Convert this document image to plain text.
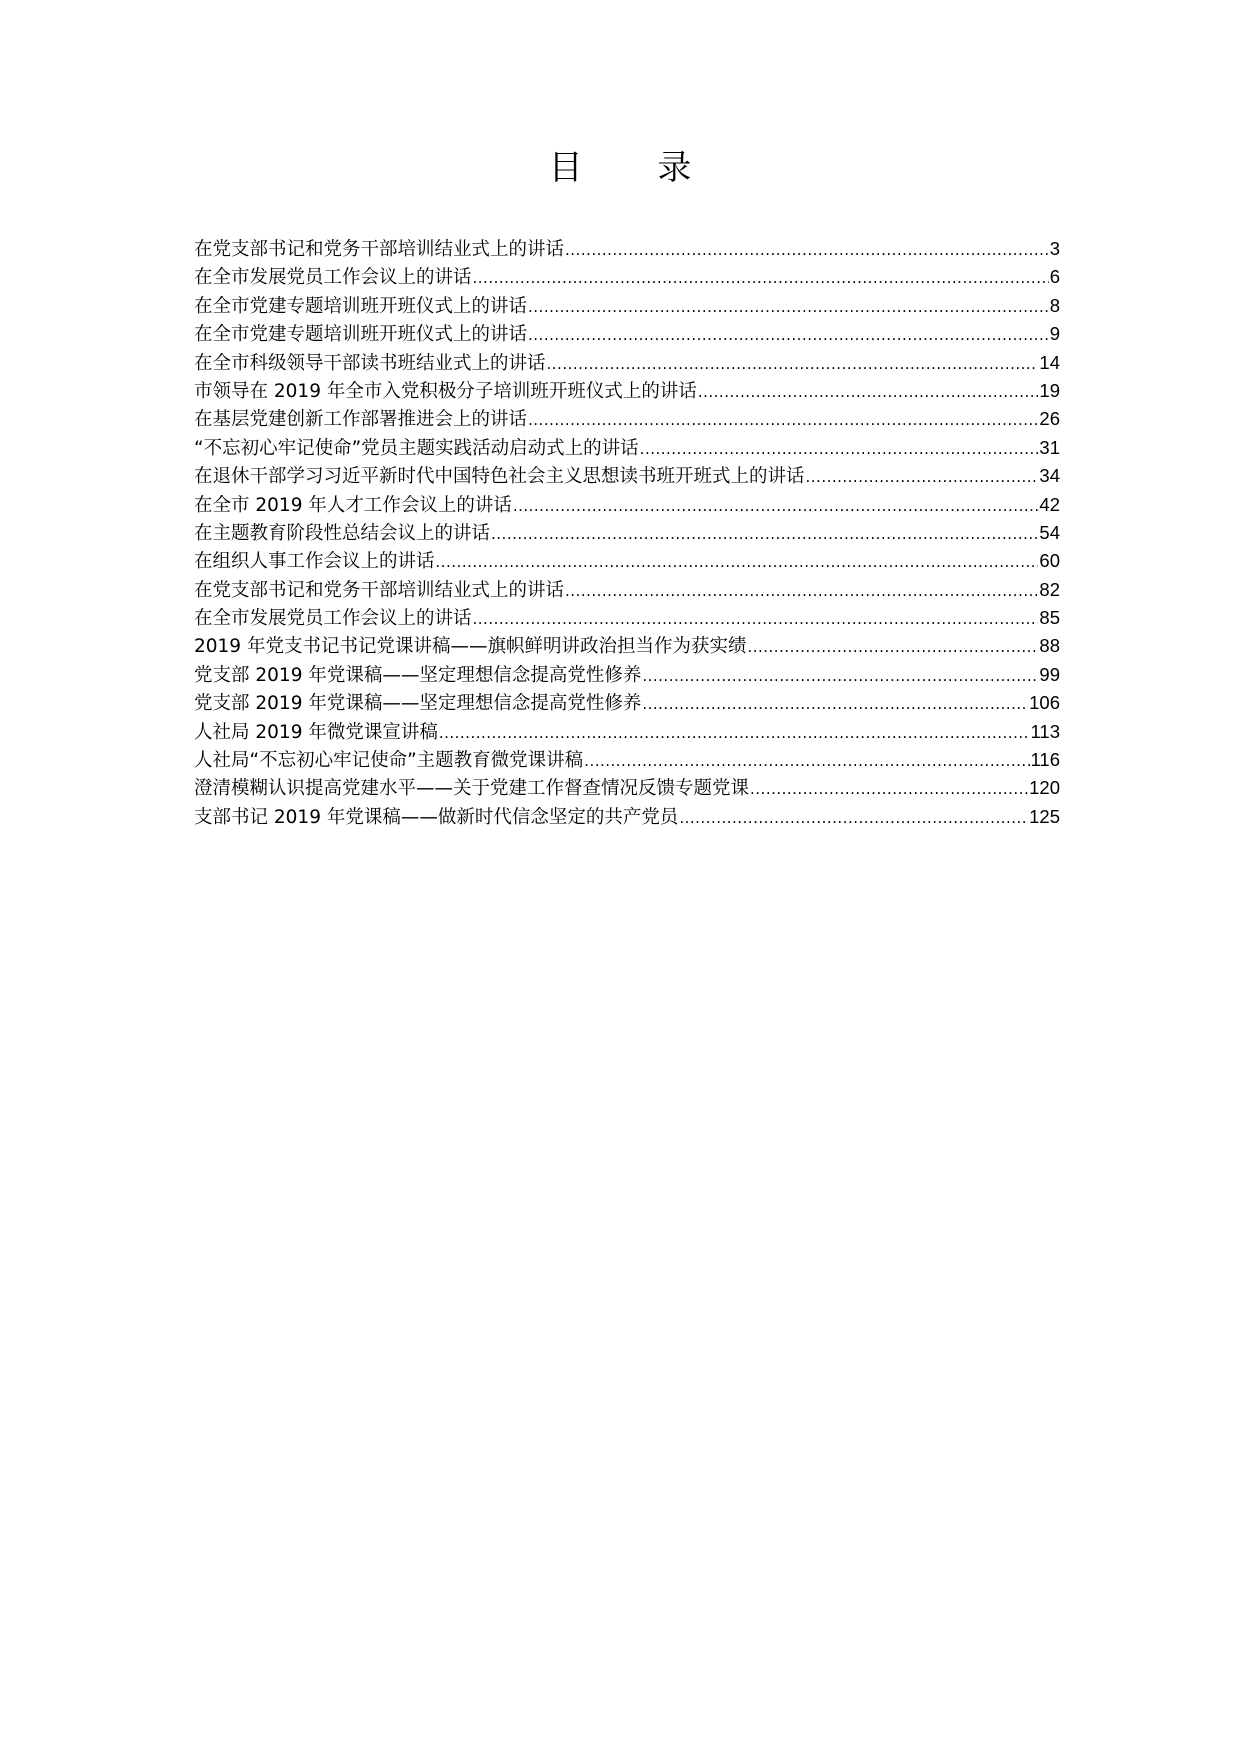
目 录
在党支部书记和党务干部培训结业式上的讲话 .....	3
在全市发展党员工作会议上的讲话 .....	6
在全市党建专题培训班开班仪式上的讲话 .....	8
在全市党建专题培训班开班仪式上的讲话 .....	9
在全市科级领导干部读书班结业式上的讲话 .....	14
市领导在 2019 年全市入党积极分子培训班开班仪式上的讲话 .....	19
在基层党建创新工作部署推进会上的讲话 .....	26
“不忘初心牢记使命”党员主题实践活动启动式上的讲话 .....	31
在退休干部学习习近平新时代中国特色社会主义思想读书班开班式上的讲话 .....	34
在全市 2019 年人才工作会议上的讲话 .....	42
在主题教育阶段性总结会议上的讲话 .....	54
在组织人事工作会议上的讲话 .....	60
在党支部书记和党务干部培训结业式上的讲话 .....	82
在全市发展党员工作会议上的讲话 .....	85
2019 年党支书记书记党课讲稿——旗帜鲜明讲政治担当作为获实绩 .....	88
党支部 2019 年党课稿——坚定理想信念提高党性修养 .....	99
党支部 2019 年党课稿——坚定理想信念提高党性修养 .....	106
人社局 2019 年微党课宣讲稿 .....	113
人社局“不忘初心牢记使命”主题教育微党课讲稿 .....	116
澄清模糊认识提高党建水平——关于党建工作督查情况反馈专题党课 .....	120
支部书记 2019 年党课稿——做新时代信念坚定的共产党员 .....	125
